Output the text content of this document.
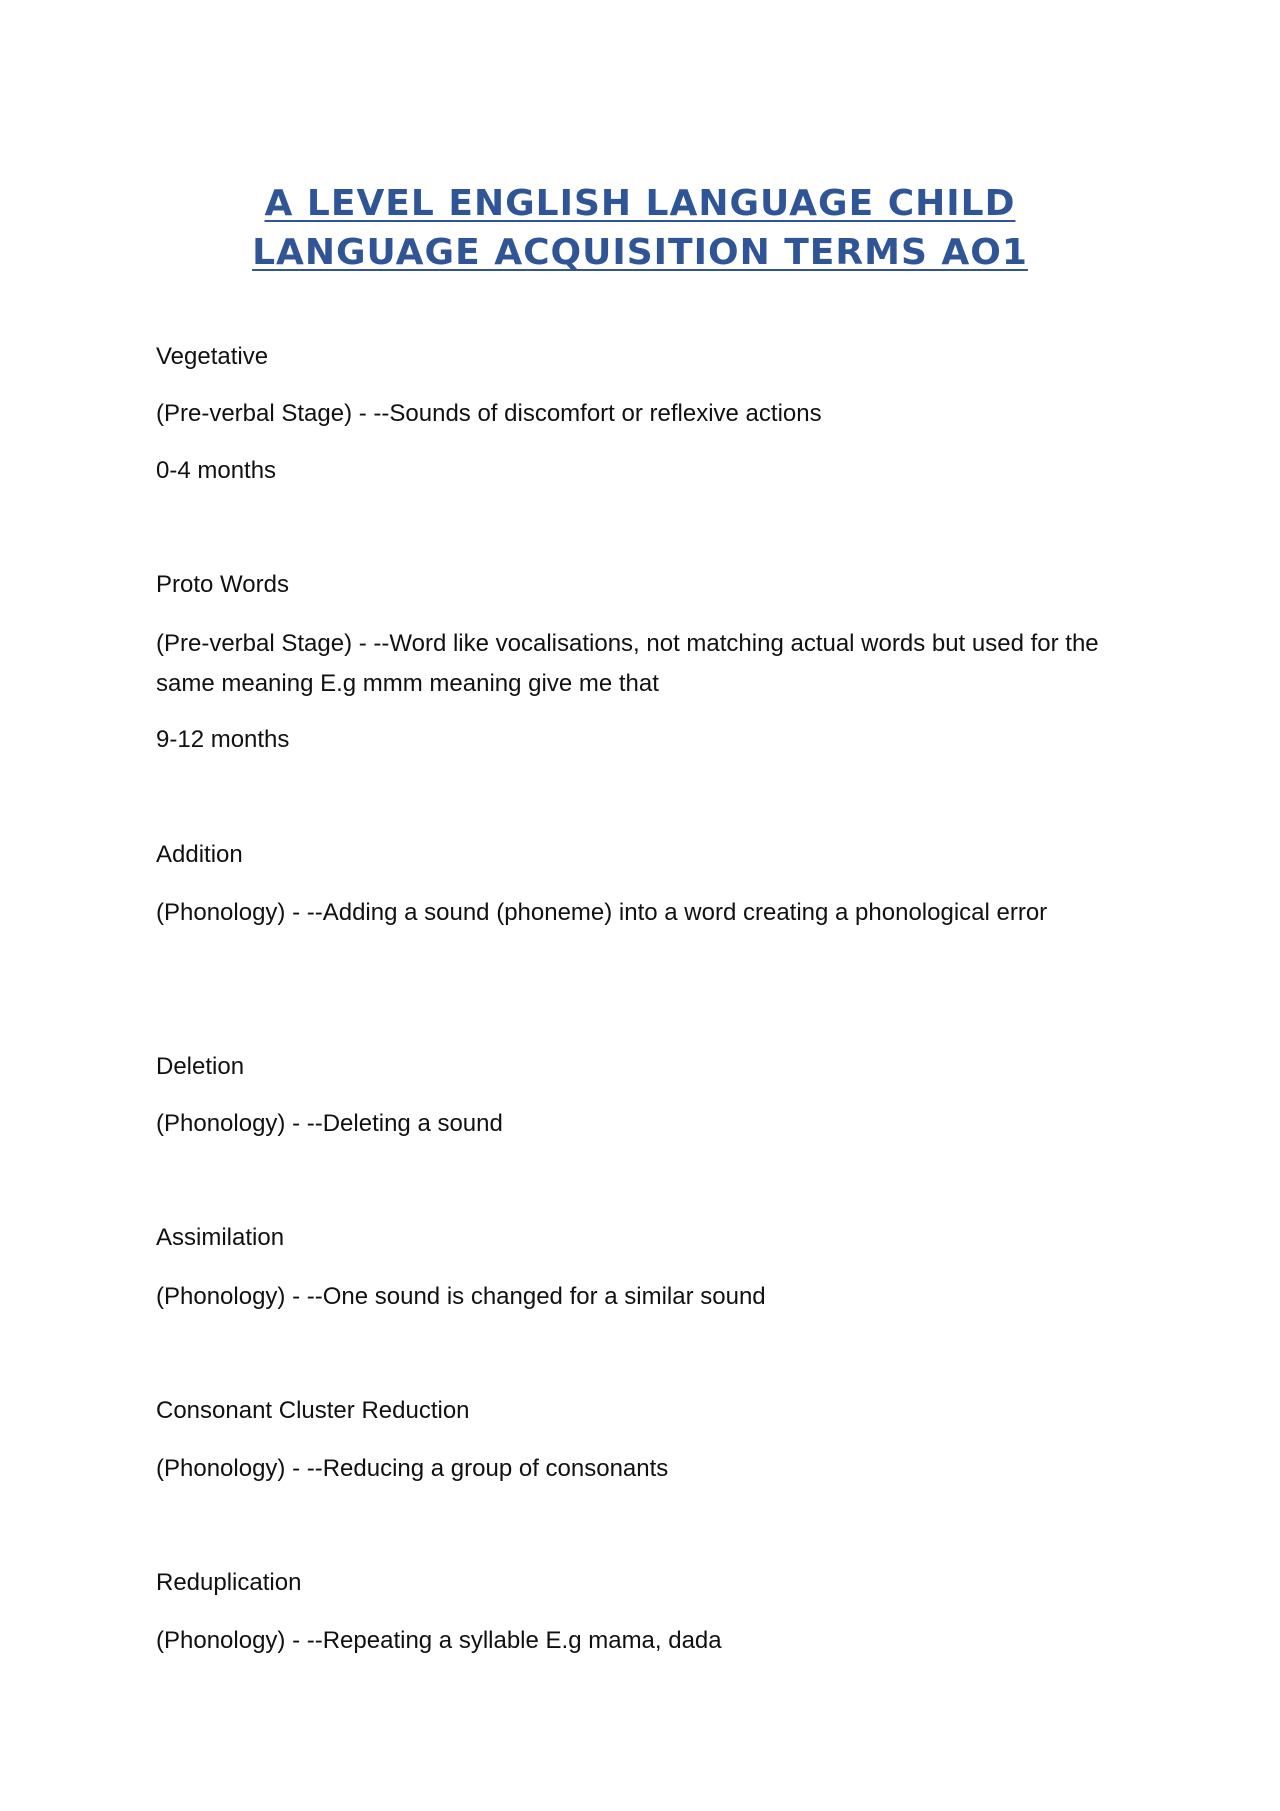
A LEVEL ENGLISH LANGUAGE CHILD
LANGUAGE ACQUISITION TERMS AO1
Vegetative
(Pre-verbal Stage) - --Sounds of discomfort or reflexive actions
0-4 months
Proto Words
(Pre-verbal Stage) - --Word like vocalisations, not matching actual words but used for the same meaning E.g mmm meaning give me that
9-12 months
Addition
(Phonology) - --Adding a sound (phoneme) into a word creating a phonological error
Deletion
(Phonology) - --Deleting a sound
Assimilation
(Phonology) - --One sound is changed for a similar sound
Consonant Cluster Reduction
(Phonology) - --Reducing a group of consonants
Reduplication
(Phonology) - --Repeating a syllable E.g mama, dada
